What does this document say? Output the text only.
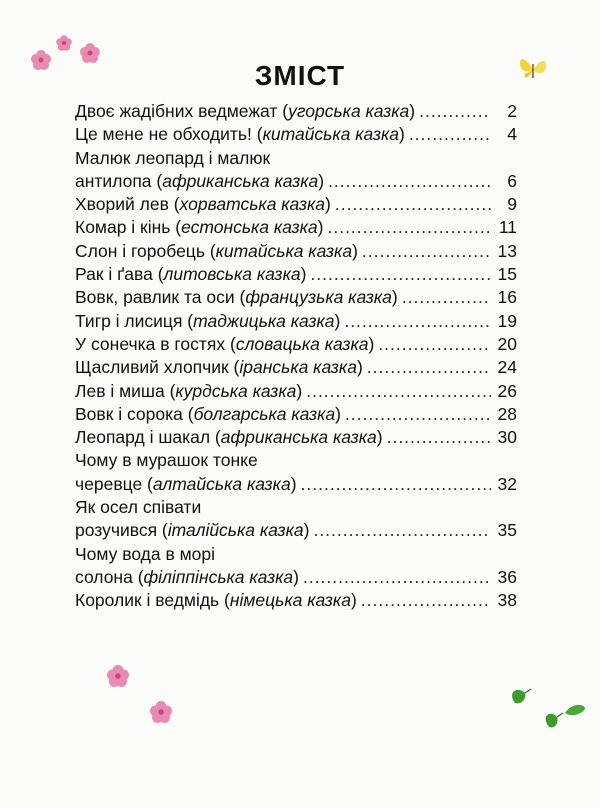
ЗМІСТ
Двоє жадібних ведмежат (угорська казка) .....	2
Це мене не обходить! (китайська казка) .....	4
Малюк леопард і малюк
антилопа (африканська казка) .....	6
Хворий лев (хорватська казка) .....	9
Комар і кінь (естонська казка) .....	11
Слон і горобець (китайська казка) .....	13
Рак і ґава (литовська казка) .....	15
Вовк, равлик та оси (французька казка) .....	16
Тигр і лисиця (таджицька казка) .....	19
У сонечка в гостях (словацька казка) .....	20
Щасливий хлопчик (іранська казка) .....	24
Лев і миша (курдська казка) .....	26
Вовк і сорока (болгарська казка) .....	28
Леопард і шакал (африканська казка) .....	30
Чому в мурашок тонке
черевце (алтайська казка) .....	32
Як осел співати
розучився (італійська казка) .....	35
Чому вода в морі
солона (філіппінська казка) .....	36
Королик і ведмідь (німецька казка) .....	38
